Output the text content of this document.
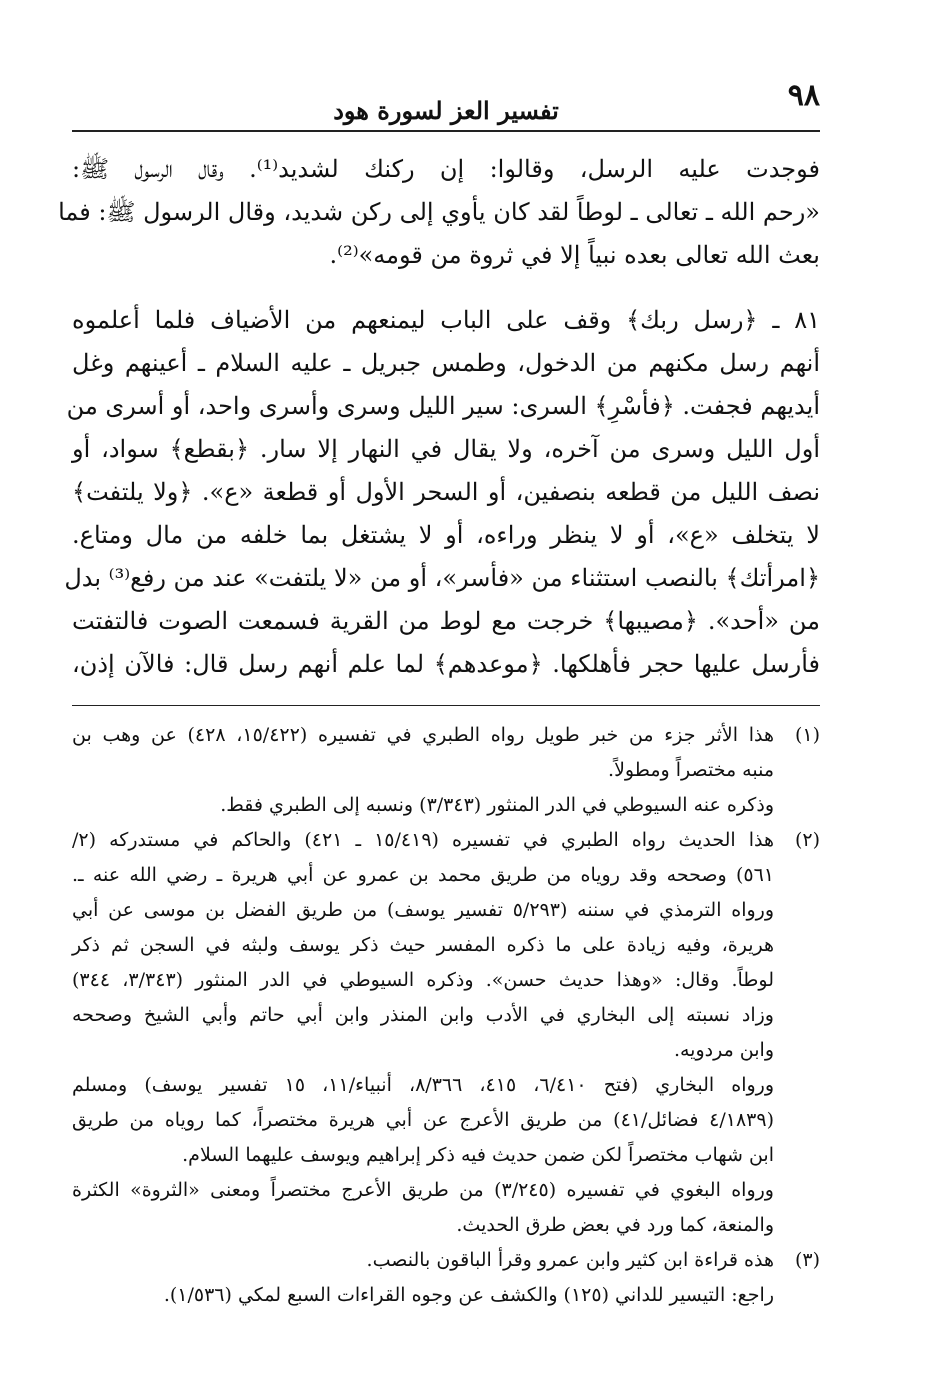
٩٨
تفسير العز لسورة هود
فوجدت عليه الرسل، وقالوا: إن ركنك لشديد⁽¹⁾. وقال الرسول ﷺ:
«رحم الله ـ تعالى ـ لوطاً لقد كان يأوي إلى ركن شديد، وقال الرسول ﷺ: فما
بعث الله تعالى بعده نبياً إلا في ثروة من قومه»⁽²⁾.
٨١ ـ ﴿رسل ربك﴾ وقف على الباب ليمنعهم من الأضياف فلما أعلموه
أنهم رسل مكنهم من الدخول، وطمس جبريل ـ عليه السلام ـ أعينهم وغل
أيديهم فجفت. ﴿فأسْرِ﴾ السرى: سير الليل وسرى وأسرى واحد، أو أسرى من
أول الليل وسرى من آخره، ولا يقال في النهار إلا سار. ﴿بقطع﴾ سواد، أو
نصف الليل من قطعه بنصفين، أو السحر الأول أو قطعة «ع». ﴿ولا يلتفت﴾
لا يتخلف «ع»، أو لا ينظر وراءه، أو لا يشتغل بما خلفه من مال ومتاع.
﴿امرأتك﴾ بالنصب استثناء من «فأسر»، أو من «لا يلتفت» عند من رفع⁽³⁾ بدل
من «أحد». ﴿مصيبها﴾ خرجت مع لوط من القرية فسمعت الصوت فالتفتت
فأرسل عليها حجر فأهلكها. ﴿موعدهم﴾ لما علم أنهم رسل قال: فالآن إذن،
(١)هذا الأثر جزء من خبر طويل رواه الطبري في تفسيره (١٥/٤٢٢، ٤٢٨) عن وهب بن
منبه مختصراً ومطولاً.
وذكره عنه السيوطي في الدر المنثور (٣/٣٤٣) ونسبه إلى الطبري فقط.
(٢)هذا الحديث رواه الطبري في تفسيره (١٥/٤١٩ ـ ٤٢١) والحاكم في مستدركه (٢/
٥٦١) وصححه وقد روياه من طريق محمد بن عمرو عن أبي هريرة ـ رضي الله عنه ـ.
ورواه الترمذي في سننه (٥/٢٩٣ تفسير يوسف) من طريق الفضل بن موسى عن أبي
هريرة، وفيه زيادة على ما ذكره المفسر حيث ذكر يوسف ولبثه في السجن ثم ذكر
لوطاً. وقال: «وهذا حديث حسن». وذكره السيوطي في الدر المنثور (٣/٣٤٣، ٣٤٤)
وزاد نسبته إلى البخاري في الأدب وابن المنذر وابن أبي حاتم وأبي الشيخ وصححه
وابن مردويه.
ورواه البخاري (فتح ٦/٤١٠، ٤١٥، ٨/٣٦٦، أنبياء/١١، ١٥ تفسير يوسف) ومسلم
(٤/١٨٣٩ فضائل/٤١) من طريق الأعرج عن أبي هريرة مختصراً، كما روياه من طريق
ابن شهاب مختصراً لكن ضمن حديث فيه ذكر إبراهيم ويوسف عليهما السلام.
ورواه البغوي في تفسيره (٣/٢٤٥) من طريق الأعرج مختصراً ومعنى «الثروة» الكثرة
والمنعة، كما ورد في بعض طرق الحديث.
(٣)هذه قراءة ابن كثير وابن عمرو وقرأ الباقون بالنصب.
راجع: التيسير للداني (١٢٥) والكشف عن وجوه القراءات السبع لمكي (١/٥٣٦).
